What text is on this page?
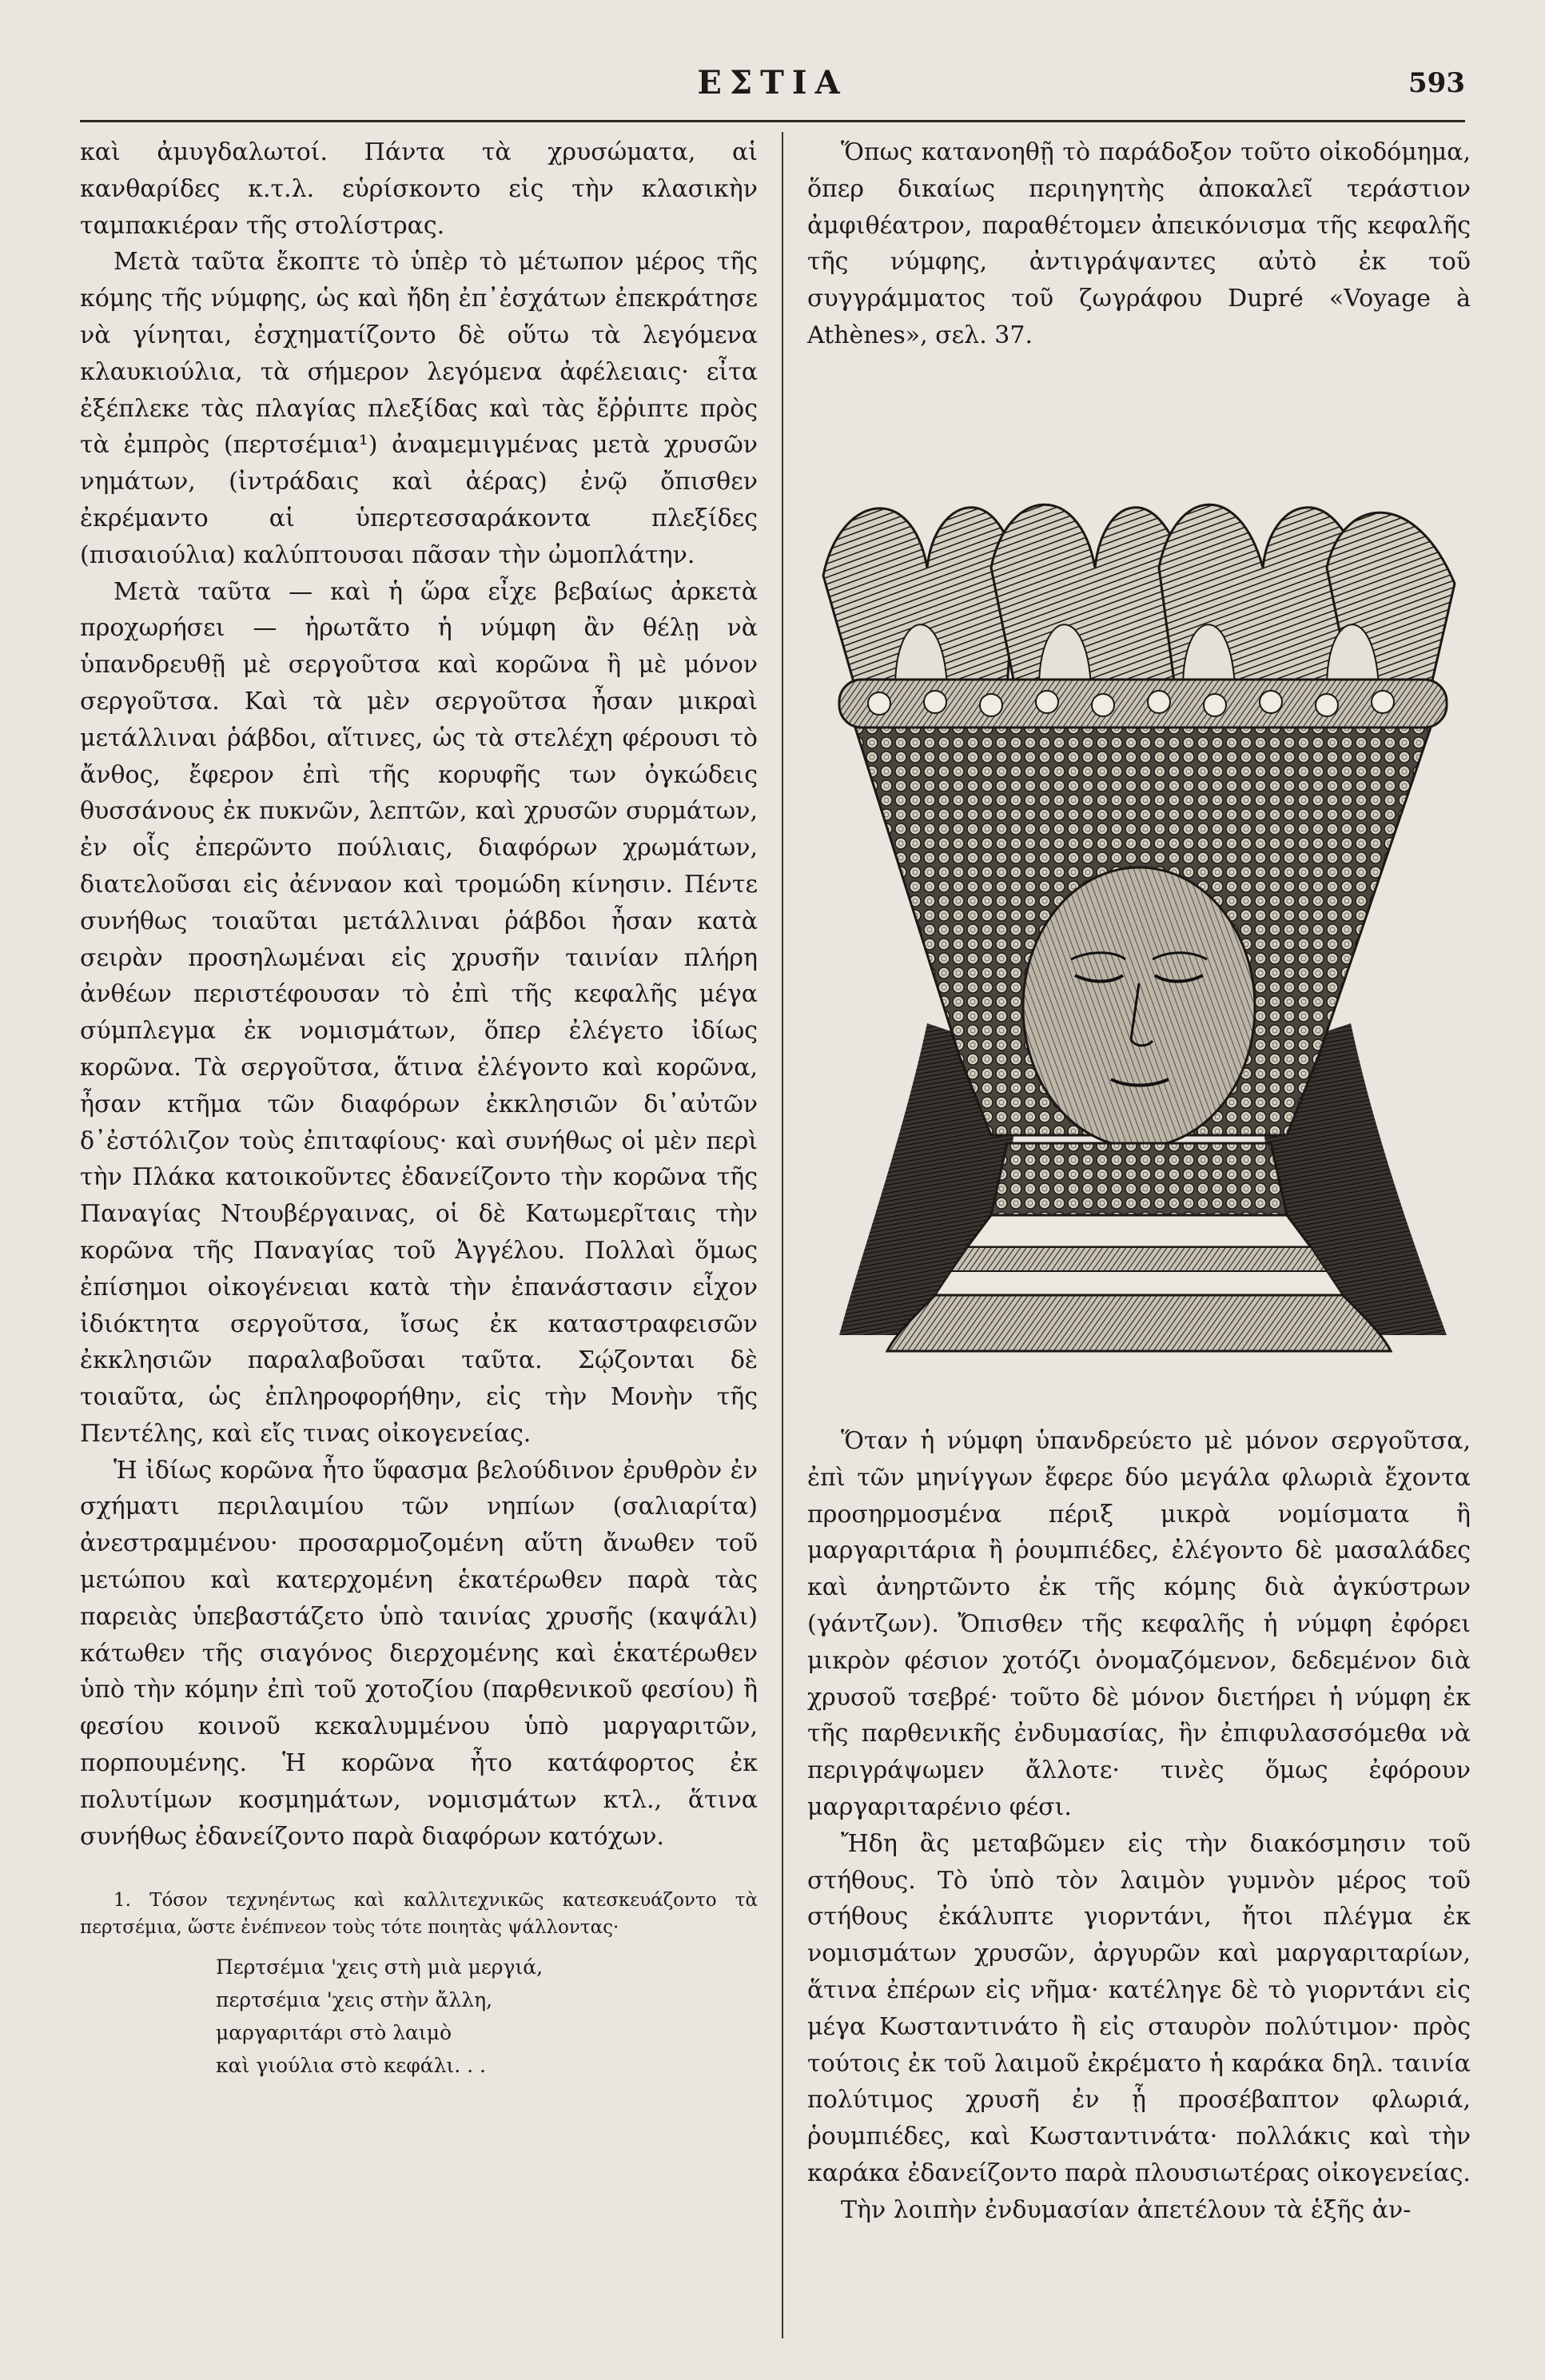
ΕΣΤΙΑ	593

καὶ ἀμυγδαλωτοί. Πάντα τὰ χρυσώματα, αἱ κανθαρίδες κ.τ.λ. εὑρίσκοντο εἰς τὴν κλασικὴν ταμπακιέραν τῆς στολίστρας.

Μετὰ ταῦτα ἔκοπτε τὸ ὑπὲρ τὸ μέτωπον μέρος τῆς κόμης τῆς νύμφης, ὡς καὶ ἤδη ἐπ᾽ἐσχάτων ἐπεκράτησε νὰ γίνηται, ἐσχηματίζοντο δὲ οὕτω τὰ λεγόμενα κλαυκιούλια, τὰ σήμερον λεγόμενα ἀφέλειαις· εἶτα ἐξέπλεκε τὰς πλαγίας πλεξίδας καὶ τὰς ἔῤῥιπτε πρὸς τὰ ἐμπρὸς (περτσέμια¹) ἀναμεμιγμένας μετὰ χρυσῶν νημάτων, (ἰντράδαις καὶ ἀέρας) ἐνῷ ὄπισθεν ἐκρέμαντο αἱ ὑπερτεσσαράκοντα πλεξίδες (πισαιούλια) καλύπτουσαι πᾶσαν τὴν ὠμοπλάτην.

Μετὰ ταῦτα — καὶ ἡ ὥρα εἶχε βεβαίως ἀρκετὰ προχωρήσει — ἠρωτᾶτο ἡ νύμφη ἂν θέλῃ νὰ ὑπανδρευθῇ μὲ σεργοῦτσα καὶ κορῶνα ἢ μὲ μόνον σεργοῦτσα. Καὶ τὰ μὲν σεργοῦτσα ἦσαν μικραὶ μετάλλιναι ῥάβδοι, αἵτινες, ὡς τὰ στελέχη φέρουσι τὸ ἄνθος, ἔφερον ἐπὶ τῆς κορυφῆς των ὀγκώδεις θυσσάνους ἐκ πυκνῶν, λεπτῶν, καὶ χρυσῶν συρμάτων, ἐν οἷς ἐπερῶντο πούλιαις, διαφόρων χρωμάτων, διατελοῦσαι εἰς ἀένναον καὶ τρομώδη κίνησιν. Πέντε συνήθως τοιαῦται μετάλλιναι ῥάβδοι ἦσαν κατὰ σειρὰν προσηλωμέναι εἰς χρυσῆν ταινίαν πλήρη ἀνθέων περιστέφουσαν τὸ ἐπὶ τῆς κεφαλῆς μέγα σύμπλεγμα ἐκ νομισμάτων, ὅπερ ἐλέγετο ἰδίως κορῶνα. Τὰ σεργοῦτσα, ἅτινα ἐλέγοντο καὶ κορῶνα, ἦσαν κτῆμα τῶν διαφόρων ἐκκλησιῶν δι᾽αὐτῶν δ᾽ἐστόλιζον τοὺς ἐπιταφίους· καὶ συνήθως οἱ μὲν περὶ τὴν Πλάκα κατοικοῦντες ἐδανείζοντο τὴν κορῶνα τῆς Παναγίας Ντουβέργαινας, οἱ δὲ Κατωμερῖταις τὴν κορῶνα τῆς Παναγίας τοῦ Ἀγγέλου. Πολλαὶ ὅμως ἐπίσημοι οἰκογένειαι κατὰ τὴν ἐπανάστασιν εἶχον ἰδιόκτητα σεργοῦτσα, ἴσως ἐκ καταστραφεισῶν ἐκκλησιῶν παραλαβοῦσαι ταῦτα. Σῴζονται δὲ τοιαῦτα, ὡς ἐπληροφορήθην, εἰς τὴν Μονὴν τῆς Πεντέλης, καὶ εἴς τινας οἰκογενείας.

Ἡ ἰδίως κορῶνα ἦτο ὕφασμα βελούδινον ἐρυθρὸν ἐν σχήματι περιλαιμίου τῶν νηπίων (σαλιαρίτα) ἀνεστραμμένου· προσαρμοζομένη αὕτη ἄνωθεν τοῦ μετώπου καὶ κατερχομένη ἑκατέρωθεν παρὰ τὰς παρειὰς ὑπεβαστάζετο ὑπὸ ταινίας χρυσῆς (καψάλι) κάτωθεν τῆς σιαγόνος διερχομένης καὶ ἑκατέρωθεν ὑπὸ τὴν κόμην ἐπὶ τοῦ χοτοζίου (παρθενικοῦ φεσίου) ἢ φεσίου κοινοῦ κεκαλυμμένου ὑπὸ μαργαριτῶν, πορπουμένης. Ἡ κορῶνα ἦτο κατάφορτος ἐκ πολυτίμων κοσμημάτων, νομισμάτων κτλ., ἅτινα συνήθως ἐδανείζοντο παρὰ διαφόρων κατόχων.

1. Τόσον τεχνηέντως καὶ καλλιτεχνικῶς κατεσκευάζοντο τὰ περτσέμια, ὥστε ἐνέπνεον τοὺς τότε ποιητὰς ψάλλοντας·

Περτσέμια 'χεις στὴ μιὰ μεργιά,
περτσέμια 'χεις στὴν ἄλλη,
μαργαριτάρι στὸ λαιμὸ
καὶ γιούλια στὸ κεφάλι. . .

Ὅπως κατανοηθῇ τὸ παράδοξον τοῦτο οἰκοδόμημα, ὅπερ δικαίως περιηγητὴς ἀποκαλεῖ τεράστιον ἀμφιθέατρον, παραθέτομεν ἀπεικόνισμα τῆς κεφαλῆς τῆς νύμφης, ἀντιγράψαντες αὐτὸ ἐκ τοῦ συγγράμματος τοῦ ζωγράφου Dupré «Voyage à Athènes», σελ. 37.

Ὅταν ἡ νύμφη ὑπανδρεύετο μὲ μόνον σεργοῦτσα, ἐπὶ τῶν μηνίγγων ἔφερε δύο μεγάλα φλωριὰ ἔχοντα προσηρμοσμένα πέριξ μικρὰ νομίσματα ἢ μαργαριτάρια ἢ ῥουμπιέδες, ἐλέγοντο δὲ μασαλάδες καὶ ἀνηρτῶντο ἐκ τῆς κόμης διὰ ἀγκύστρων (γάντζων). Ὄπισθεν τῆς κεφαλῆς ἡ νύμφη ἐφόρει μικρὸν φέσιον χοτόζι ὀνομαζόμενον, δεδεμένον διὰ χρυσοῦ τσεβρέ· τοῦτο δὲ μόνον διετήρει ἡ νύμφη ἐκ τῆς παρθενικῆς ἐνδυμασίας, ἣν ἐπιφυλασσόμεθα νὰ περιγράψωμεν ἄλλοτε· τινὲς ὅμως ἐφόρουν μαργαριταρένιο φέσι.

Ἤδη ἂς μεταβῶμεν εἰς τὴν διακόσμησιν τοῦ στήθους. Τὸ ὑπὸ τὸν λαιμὸν γυμνὸν μέρος τοῦ στήθους ἐκάλυπτε γιορντάνι, ἤτοι πλέγμα ἐκ νομισμάτων χρυσῶν, ἀργυρῶν καὶ μαργαριταρίων, ἅτινα ἐπέρων εἰς νῆμα· κατέληγε δὲ τὸ γιορντάνι εἰς μέγα Κωσταντινάτο ἢ εἰς σταυρὸν πολύτιμον· πρὸς τούτοις ἐκ τοῦ λαιμοῦ ἐκρέματο ἡ καράκα δηλ. ταινία πολύτιμος χρυσῆ ἐν ᾗ προσέβαπτον φλωριά, ῥουμπιέδες, καὶ Κωσταντινάτα· πολλάκις καὶ τὴν καράκα ἐδανείζοντο παρὰ πλουσιωτέρας οἰκογενείας.

Τὴν λοιπὴν ἐνδυμασίαν ἀπετέλουν τὰ ἑξῆς ἀν-
